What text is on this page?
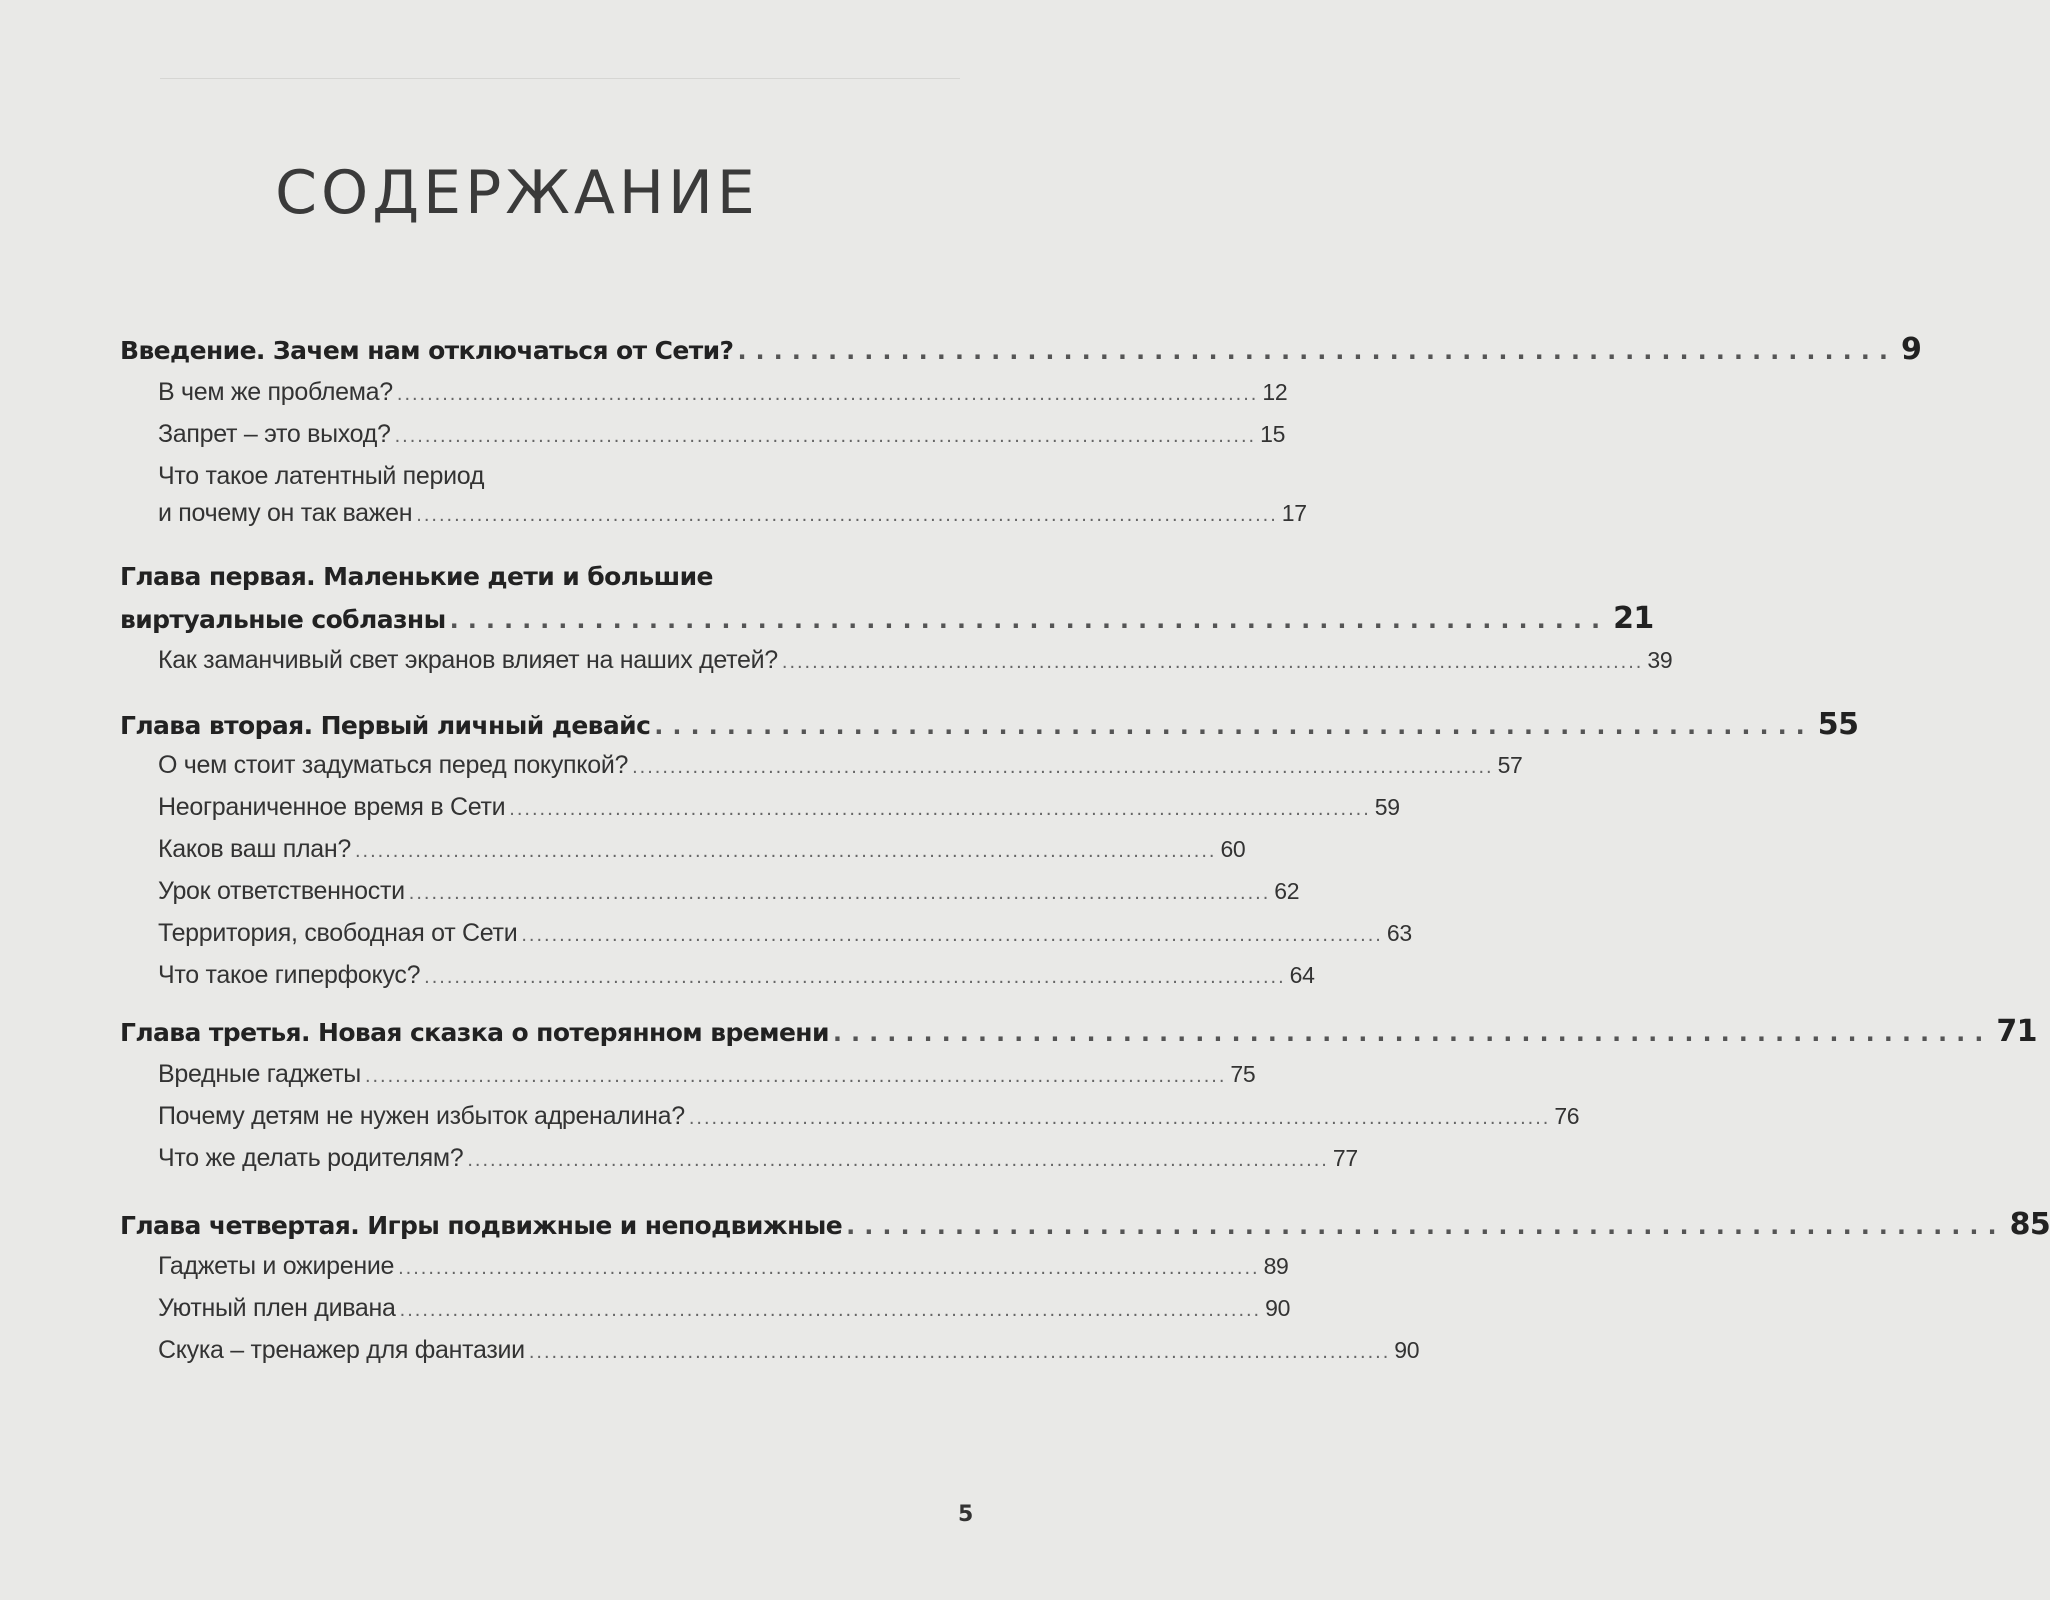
СОДЕРЖАНИЕ
Введение. Зачем нам отключаться от Сети? ................................................................ 9
В чем же проблема? .................................................................................................................. 12
Запрет – это выход? .................................................................................................................. 15
Что такое латентный период
и почему он так важен .................................................................................................................. 17
Глава первая. Маленькие дети и большие
виртуальные соблазны ................................................................ 21
Как заманчивый свет экранов влияет на наших детей? .................................................................................................................. 39
Глава вторая. Первый личный девайс ................................................................ 55
О чем стоит задуматься перед покупкой? .................................................................................................................. 57
Неограниченное время в Сети .................................................................................................................. 59
Каков ваш план? .................................................................................................................. 60
Урок ответственности .................................................................................................................. 62
Территория, свободная от Сети .................................................................................................................. 63
Что такое гиперфокус? .................................................................................................................. 64
Глава третья. Новая сказка о потерянном времени ................................................................ 71
Вредные гаджеты .................................................................................................................. 75
Почему детям не нужен избыток адреналина? .................................................................................................................. 76
Что же делать родителям? .................................................................................................................. 77
Глава четвертая. Игры подвижные и неподвижные ................................................................ 85
Гаджеты и ожирение .................................................................................................................. 89
Уютный плен дивана .................................................................................................................. 90
Скука – тренажер для фантазии .................................................................................................................. 90
5
